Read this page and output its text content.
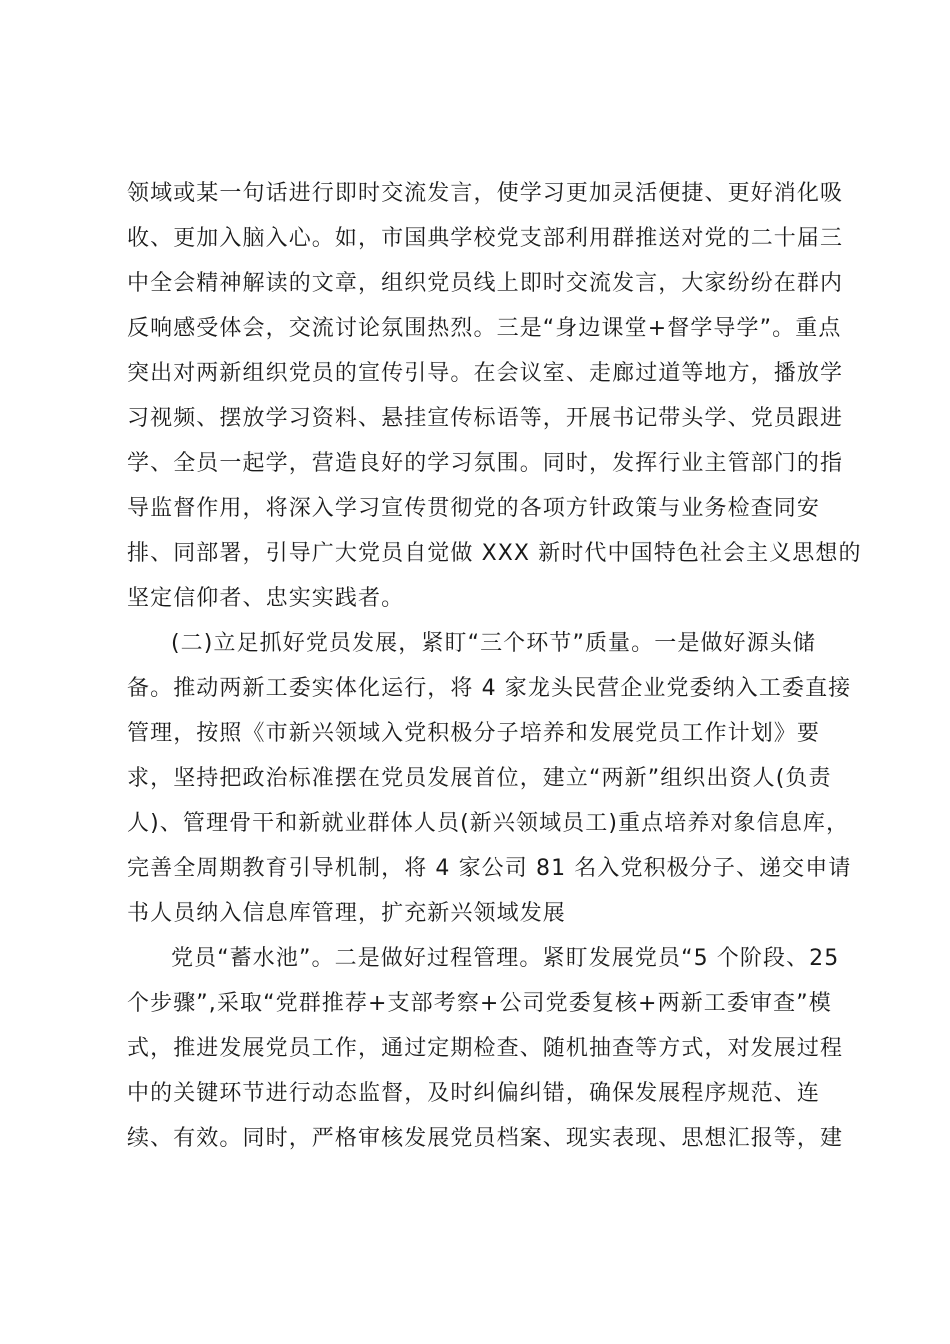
领域或某一句话进行即时交流发言，使学习更加灵活便捷、更好消化吸
收、更加入脑入心。如，市国典学校党支部利用群推送对党的二十届三
中全会精神解读的文章，组织党员线上即时交流发言，大家纷纷在群内
反响感受体会，交流讨论氛围热烈。三是“身边课堂+督学导学”。重点
突出对两新组织党员的宣传引导。在会议室、走廊过道等地方，播放学
习视频、摆放学习资料、悬挂宣传标语等，开展书记带头学、党员跟进
学、全员一起学，营造良好的学习氛围。同时，发挥行业主管部门的指
导监督作用，将深入学习宣传贯彻党的各项方针政策与业务检查同安
排、同部署，引导广大党员自觉做 XXX 新时代中国特色社会主义思想的
坚定信仰者、忠实实践者。
(二)立足抓好党员发展，紧盯“三个环节”质量。一是做好源头储
备。推动两新工委实体化运行，将 4 家龙头民营企业党委纳入工委直接
管理，按照《市新兴领域入党积极分子培养和发展党员工作计划》要
求，坚持把政治标准摆在党员发展首位，建立“两新”组织出资人(负责
人)、管理骨干和新就业群体人员(新兴领域员工)重点培养对象信息库，
完善全周期教育引导机制，将 4 家公司 81 名入党积极分子、递交申请
书人员纳入信息库管理，扩充新兴领域发展
党员“蓄水池”。二是做好过程管理。紧盯发展党员“5 个阶段、25
个步骤”,采取“党群推荐+支部考察+公司党委复核+两新工委审查”模
式，推进发展党员工作，通过定期检查、随机抽查等方式，对发展过程
中的关键环节进行动态监督，及时纠偏纠错，确保发展程序规范、连
续、有效。同时，严格审核发展党员档案、现实表现、思想汇报等，建
